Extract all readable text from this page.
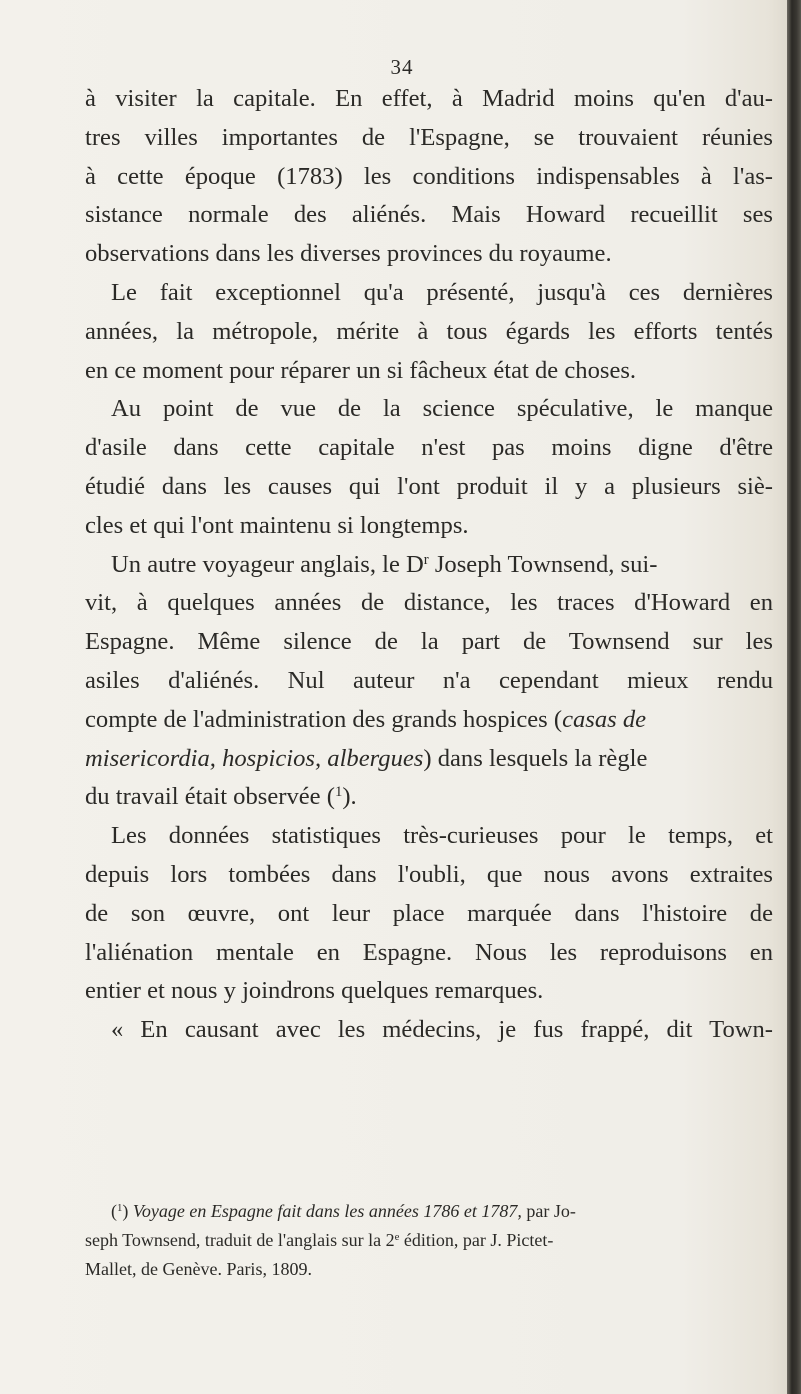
34
à visiter la capitale. En effet, à Madrid moins qu'en d'au-
tres villes importantes de l'Espagne, se trouvaient réunies
à cette époque (1783) les conditions indispensables à l'as-
sistance normale des aliénés. Mais Howard recueillit ses
observations dans les diverses provinces du royaume.
Le fait exceptionnel qu'a présenté, jusqu'à ces dernières
années, la métropole, mérite à tous égards les efforts tentés
en ce moment pour réparer un si fâcheux état de choses.
Au point de vue de la science spéculative, le manque
d'asile dans cette capitale n'est pas moins digne d'être
étudié dans les causes qui l'ont produit il y a plusieurs siè-
cles et qui l'ont maintenu si longtemps.
Un autre voyageur anglais, le $D^r$ Joseph Townsend, sui-
vit, à quelques années de distance, les traces d'Howard en
Espagne. Même silence de la part de Townsend sur les
asiles d'aliénés. Nul auteur n'a cependant mieux rendu
compte de l'administration des grands hospices (casas de
misericordia, hospicios, albergues) dans lesquels la règle
du travail était observée ($^1$).
Les données statistiques très-curieuses pour le temps, et
depuis lors tombées dans l'oubli, que nous avons extraites
de son œuvre, ont leur place marquée dans l'histoire de
l'aliénation mentale en Espagne. Nous les reproduisons en
entier et nous y joindrons quelques remarques.
« En causant avec les médecins, je fus frappé, dit Town-
($^1$) Voyage en Espagne fait dans les années 1786 et 1787, par Jo-
seph Townsend, traduit de l'anglais sur la 2e édition, par J. Pictet-
Mallet, de Genève. Paris, 1809.
